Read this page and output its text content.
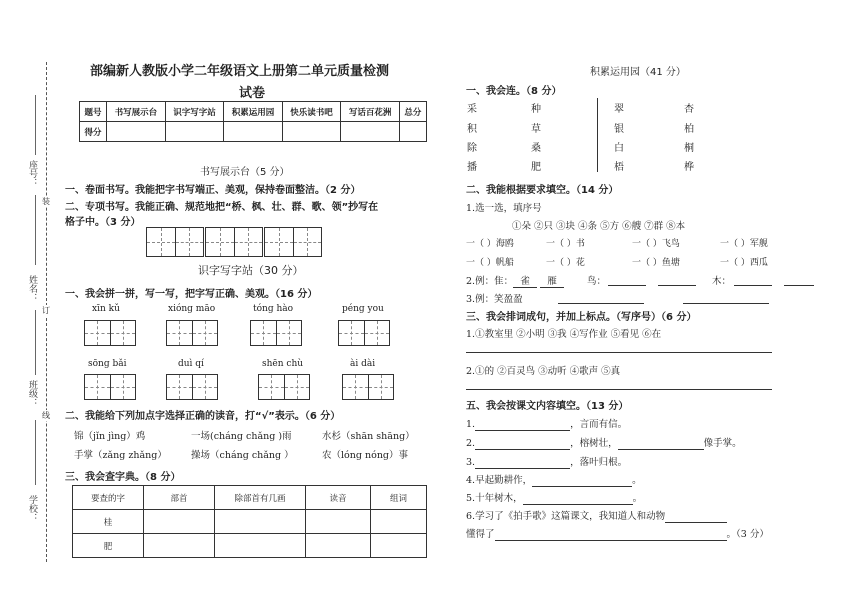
座号：
姓名：
班级：
学校：
装
订
线
部编新人教版小学二年级语文上册第二单元质量检测
试卷
题号	书写展示台	识字写字站	积累运用园	快乐读书吧	写话百花洲	总分
得分						
书写展示台（5 分）
一、卷面书写。我能把字书写端正、美观，保持卷面整洁。（2 分）
二、专项书写。我能正确、规范地把“桥、枫、壮、群、歌、领”抄写在
格子中。（3 分）
识字写字站（30 分）
一、我会拼一拼，写一写，把字写正确、美观。（16 分）
xīn kǔ	xióng māo	tóng hào	péng you
sōng bǎi	duì qí	shēn chù	ài dài
二、我能给下列加点字选择正确的读音，打“√”表示。（6 分）
锦（jǐn jìng）鸡	一场(cháng chǎng )雨	水杉（shān shāng）
手掌（zǎng zhǎng）	操场（cháng chǎng ）	农（lóng nóng）事
三、我会查字典。（8 分）
要查的字	部首	除部首有几画	读音	组词
桂				
肥				
积累运用园（41 分）
一、我会连。（8 分）
采	种
积	草
除	桑
播	肥
翠	杏
银	柏
白	桐
梧	桦
二、我能根据要求填空。（14 分）
1.选一选，填序号
①朵 ②只 ③块 ④条 ⑤方 ⑥艘 ⑦群 ⑧本
一（ ）海鸥	一（ ）书	一（ ）飞鸟	一（ ）军舰
一（ ）帆船	一（ ）花	一（ ）鱼塘	一（ ）西瓜
2.例：隹： 雀 雁	鸟：	木：
3.例：笑盈盈
三、我会排词成句，并加上标点。（写序号）（6 分）
1.①教室里 ②小明 ③我 ④写作业 ⑤看见 ⑥在
2.①的 ②百灵鸟 ③动听 ④歌声 ⑤真
五、我会按课文内容填空。（13 分）
1.	，言而有信。
2.	，榕树壮，	像手掌。
3.	，落叶归根。
4.早起勤耕作，	。
5.十年树木，	。
6.学习了《拍手歌》这篇课文，我知道人和动物
懂得了	。（3 分）
